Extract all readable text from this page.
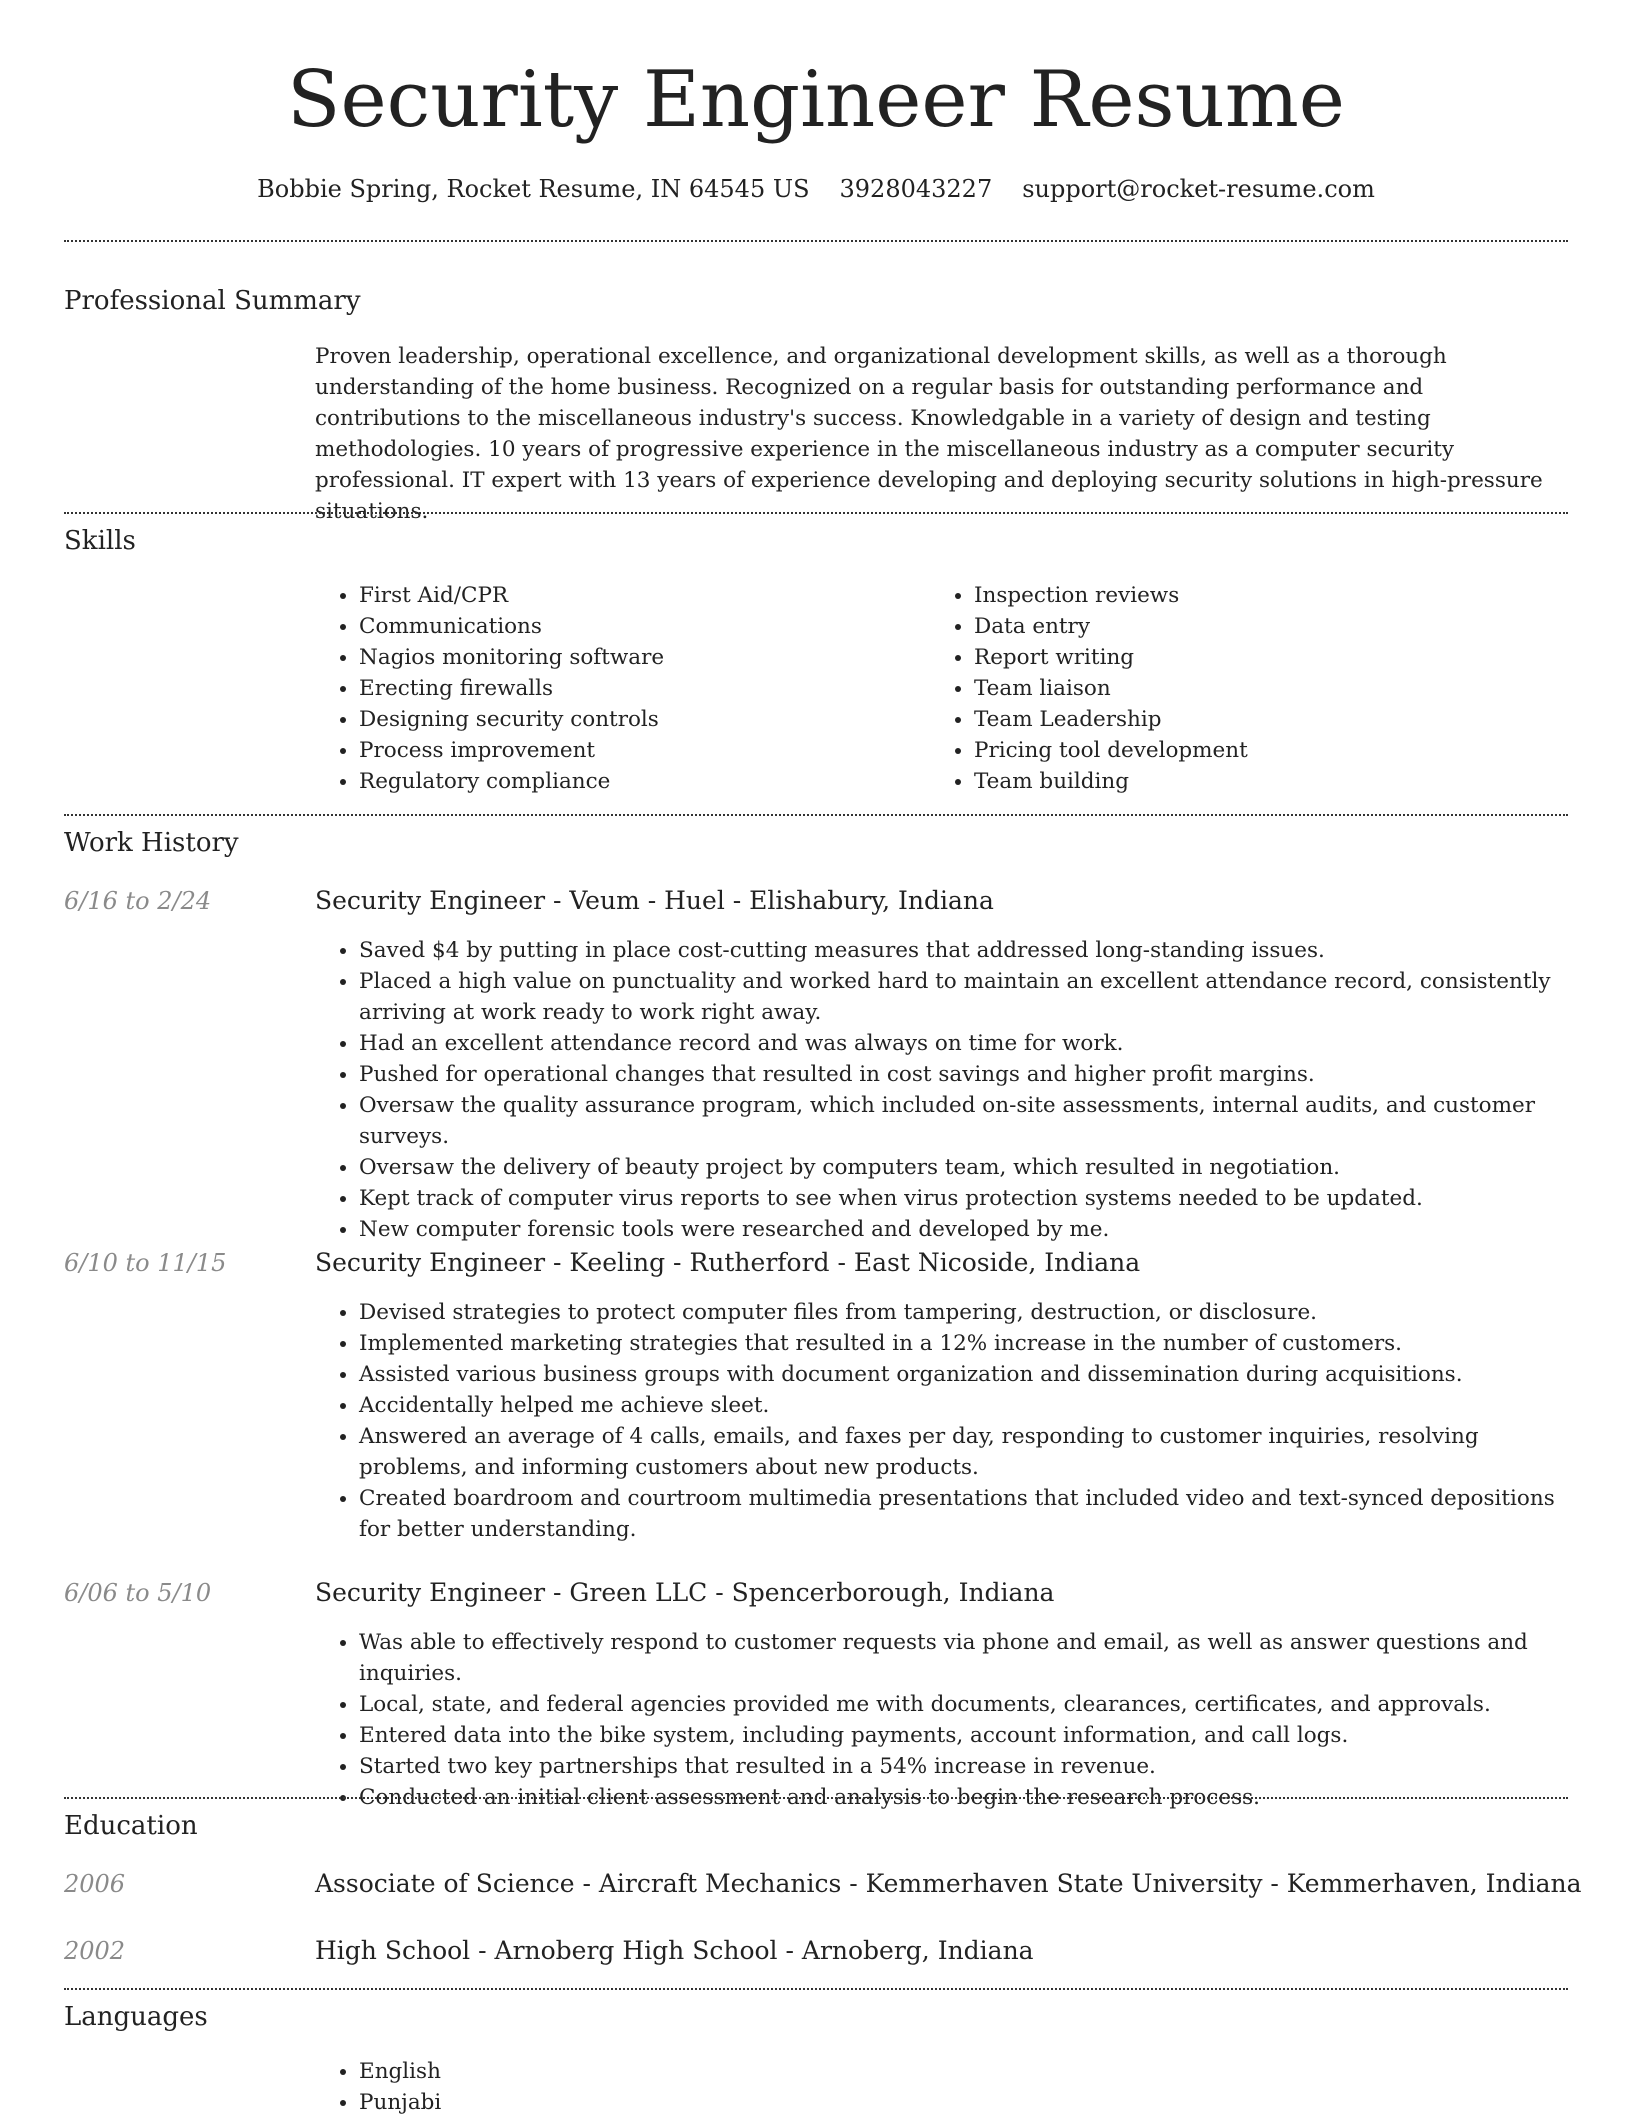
Security Engineer Resume
Bobbie Spring, Rocket Resume, IN 64545 US 3928043227 support@rocket-resume.com
Professional Summary

Proven leadership, operational excellence, and organizational development skills, as well as a thorough understanding of the home business. Recognized on a regular basis for outstanding performance and contributions to the miscellaneous industry's success. Knowledgable in a variety of design and testing methodologies. 10 years of progressive experience in the miscellaneous industry as a computer security professional. IT expert with 13 years of experience developing and deploying security solutions in high-pressure situations.

Skills
• First Aid/CPR
• Communications
• Nagios monitoring software
• Erecting firewalls
• Designing security controls
• Process improvement
• Regulatory compliance
• Inspection reviews
• Data entry
• Report writing
• Team liaison
• Team Leadership
• Pricing tool development
• Team building
Work History
6/16 to 2/24	Security Engineer - Veum - Huel - Elishabury, Indiana
• Saved $4 by putting in place cost-cutting measures that addressed long-standing issues.
• Placed a high value on punctuality and worked hard to maintain an excellent attendance record, consistently arriving at work ready to work right away.
• Had an excellent attendance record and was always on time for work.
• Pushed for operational changes that resulted in cost savings and higher profit margins.
• Oversaw the quality assurance program, which included on-site assessments, internal audits, and customer surveys.
• Oversaw the delivery of beauty project by computers team, which resulted in negotiation.
• Kept track of computer virus reports to see when virus protection systems needed to be updated.
• New computer forensic tools were researched and developed by me.
6/10 to 11/15	Security Engineer - Keeling - Rutherford - East Nicoside, Indiana
• Devised strategies to protect computer files from tampering, destruction, or disclosure.
• Implemented marketing strategies that resulted in a 12% increase in the number of customers.
• Assisted various business groups with document organization and dissemination during acquisitions.
• Accidentally helped me achieve sleet.
• Answered an average of 4 calls, emails, and faxes per day, responding to customer inquiries, resolving problems, and informing customers about new products.
• Created boardroom and courtroom multimedia presentations that included video and text-synced depositions for better understanding.
6/06 to 5/10	Security Engineer - Green LLC - Spencerborough, Indiana
• Was able to effectively respond to customer requests via phone and email, as well as answer questions and inquiries.
• Local, state, and federal agencies provided me with documents, clearances, certificates, and approvals.
• Entered data into the bike system, including payments, account information, and call logs.
• Started two key partnerships that resulted in a 54% increase in revenue.
• Conducted an initial client assessment and analysis to begin the research process.
Education
2006	Associate of Science - Aircraft Mechanics - Kemmerhaven State University - Kemmerhaven, Indiana
2002	High School - Arnoberg High School - Arnoberg, Indiana
Languages
• English
• Punjabi
